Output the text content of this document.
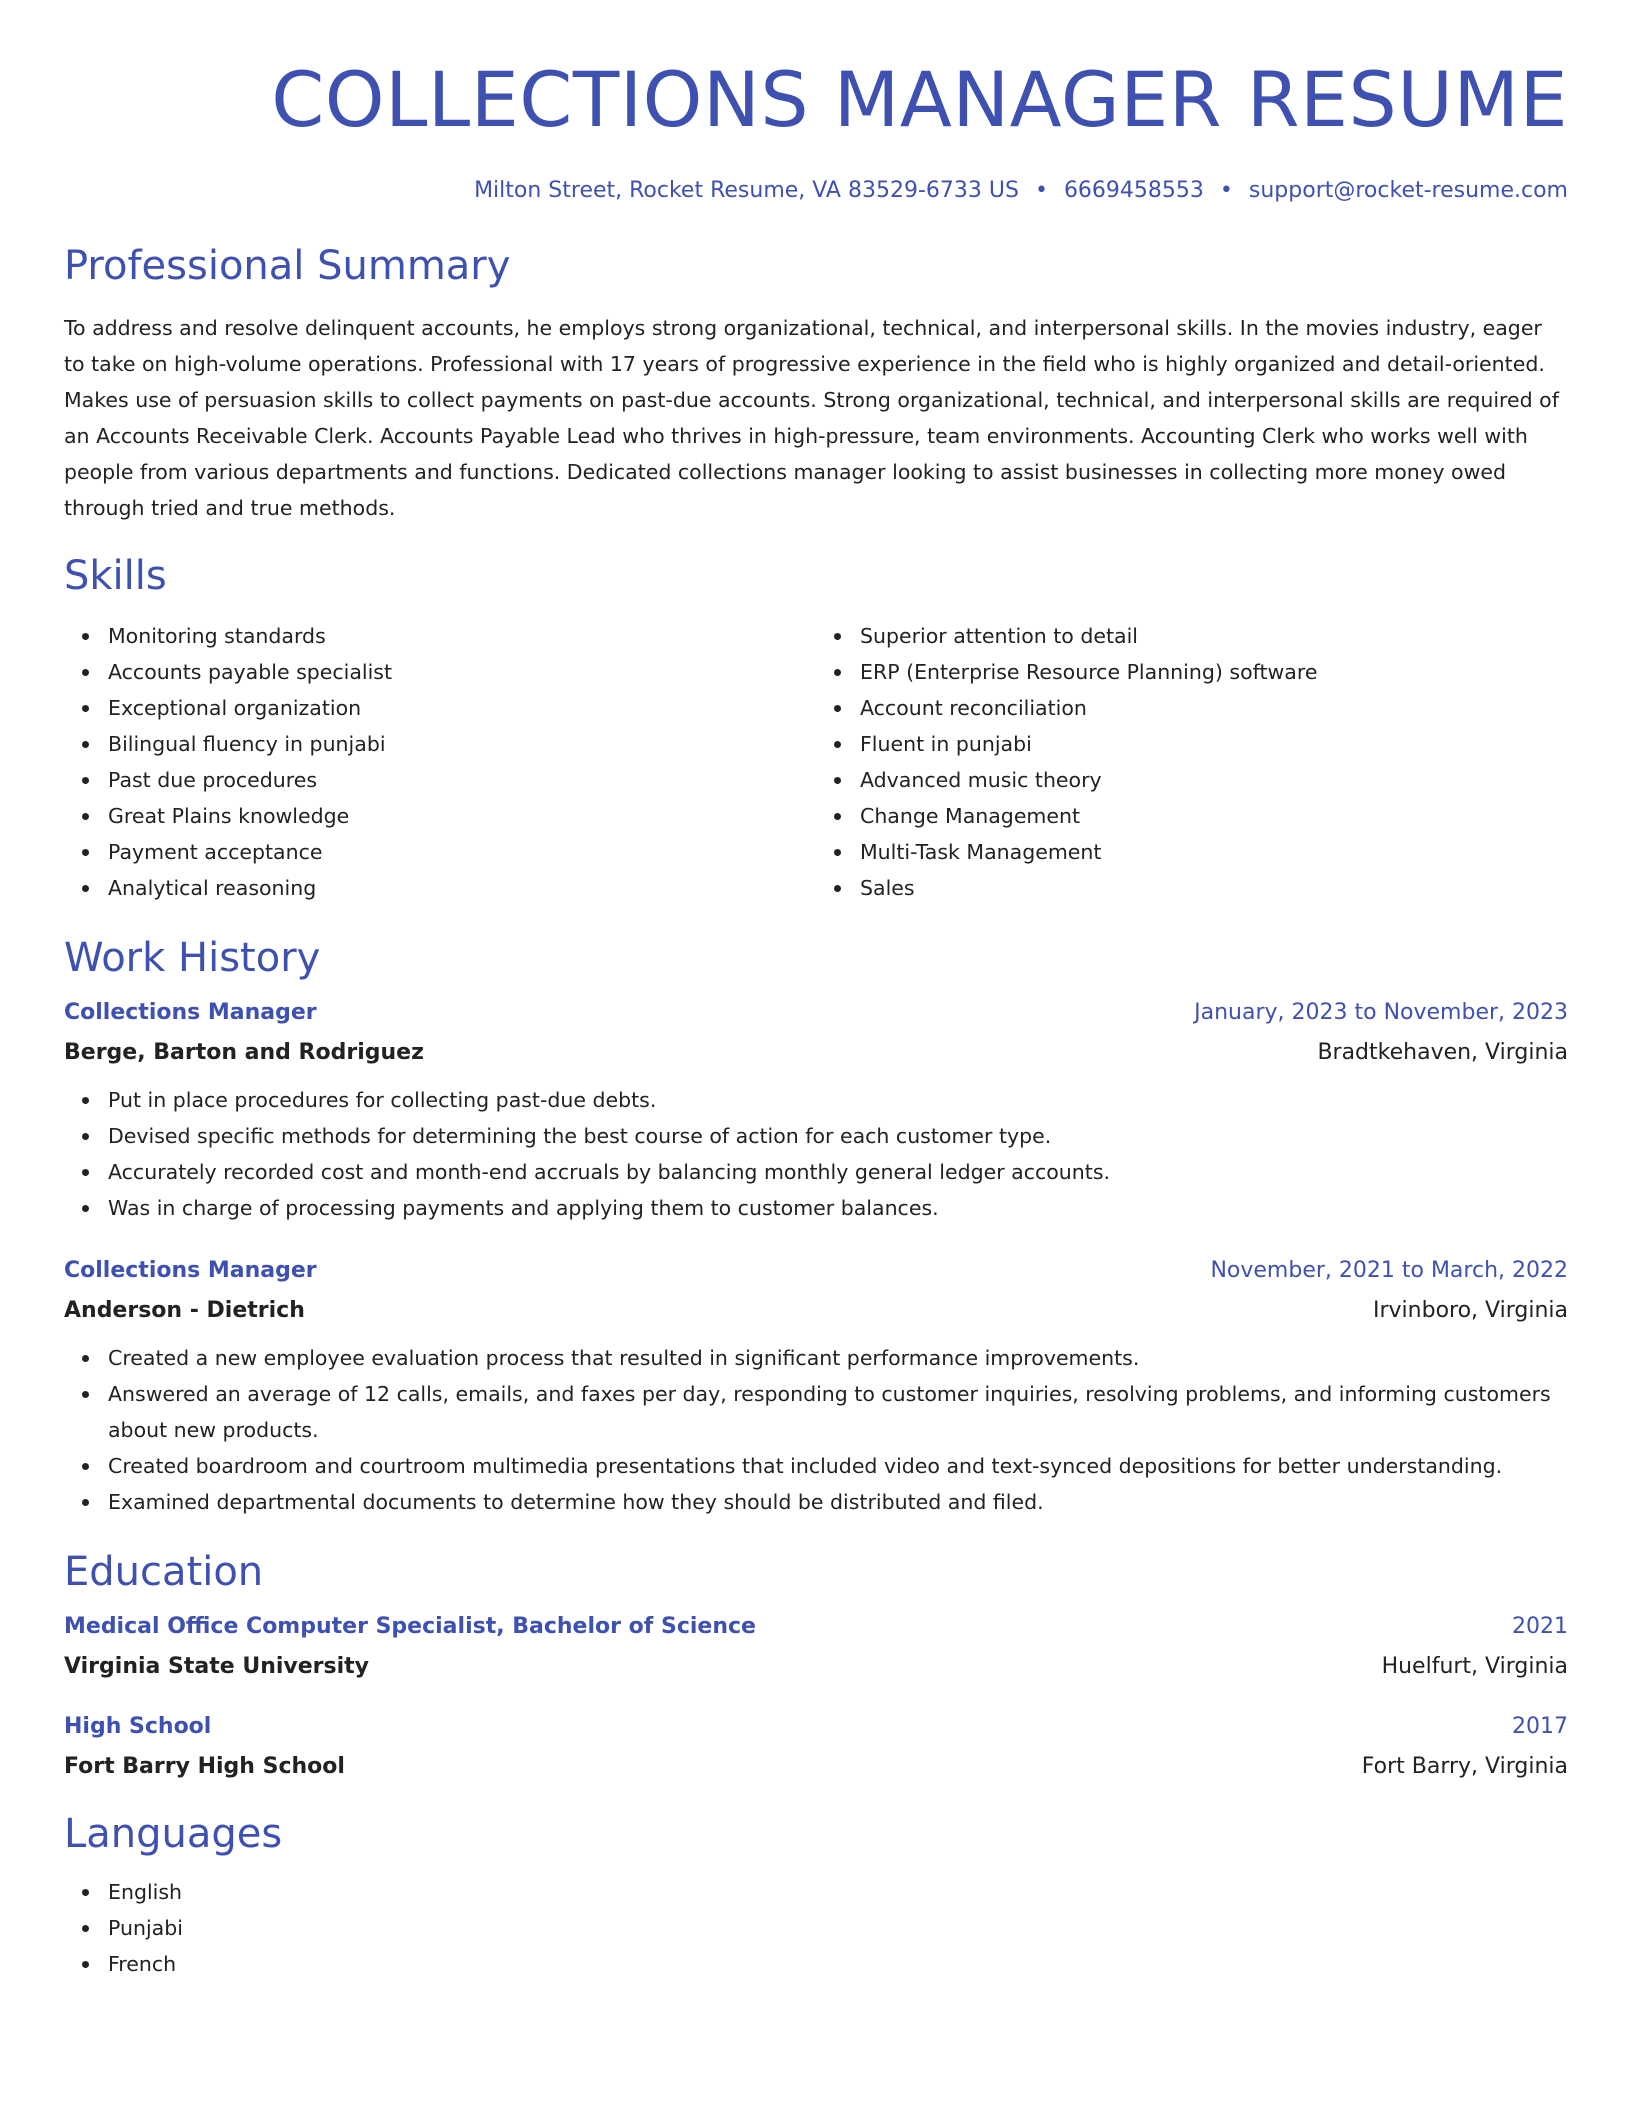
COLLECTIONS MANAGER RESUME
Milton Street, Rocket Resume, VA 83529-6733 US • 6669458553 • support@rocket-resume.com
Professional Summary
To address and resolve delinquent accounts, he employs strong organizational, technical, and interpersonal skills. In the movies industry, eager to take on high-volume operations. Professional with 17 years of progressive experience in the field who is highly organized and detail-oriented. Makes use of persuasion skills to collect payments on past-due accounts. Strong organizational, technical, and interpersonal skills are required of an Accounts Receivable Clerk. Accounts Payable Lead who thrives in high-pressure, team environments. Accounting Clerk who works well with people from various departments and functions. Dedicated collections manager looking to assist businesses in collecting more money owed through tried and true methods.
Skills
Monitoring standards
Accounts payable specialist
Exceptional organization
Bilingual fluency in punjabi
Past due procedures
Great Plains knowledge
Payment acceptance
Analytical reasoning
Superior attention to detail
ERP (Enterprise Resource Planning) software
Account reconciliation
Fluent in punjabi
Advanced music theory
Change Management
Multi-Task Management
Sales
Work History
Collections Manager	January, 2023 to November, 2023
Berge, Barton and Rodriguez	Bradtkehaven, Virginia
Put in place procedures for collecting past-due debts.
Devised specific methods for determining the best course of action for each customer type.
Accurately recorded cost and month-end accruals by balancing monthly general ledger accounts.
Was in charge of processing payments and applying them to customer balances.
Collections Manager	November, 2021 to March, 2022
Anderson - Dietrich	Irvinboro, Virginia
Created a new employee evaluation process that resulted in significant performance improvements.
Answered an average of 12 calls, emails, and faxes per day, responding to customer inquiries, resolving problems, and informing customers about new products.
Created boardroom and courtroom multimedia presentations that included video and text-synced depositions for better understanding.
Examined departmental documents to determine how they should be distributed and filed.
Education
Medical Office Computer Specialist, Bachelor of Science	2021
Virginia State University	Huelfurt, Virginia
High School	2017
Fort Barry High School	Fort Barry, Virginia
Languages
English
Punjabi
French
